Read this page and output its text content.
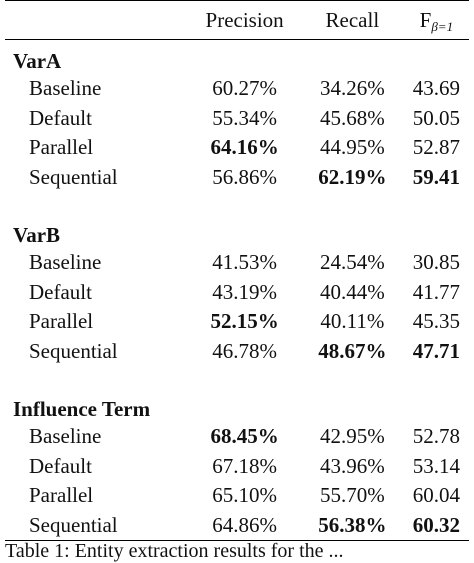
	Precision	Recall	Fβ=1
VarA			
Baseline	60.27%	34.26%	43.69
Default	55.34%	45.68%	50.05
Parallel	64.16%	44.95%	52.87
Sequential	56.86%	62.19%	59.41

VarB			
Baseline	41.53%	24.54%	30.85
Default	43.19%	40.44%	41.77
Parallel	52.15%	40.11%	45.35
Sequential	46.78%	48.67%	47.71

Influence Term			
Baseline	68.45%	42.95%	52.78
Default	67.18%	43.96%	53.14
Parallel	65.10%	55.70%	60.04
Sequential	64.86%	56.38%	60.32
Table 1: Entity extraction results for the ...
